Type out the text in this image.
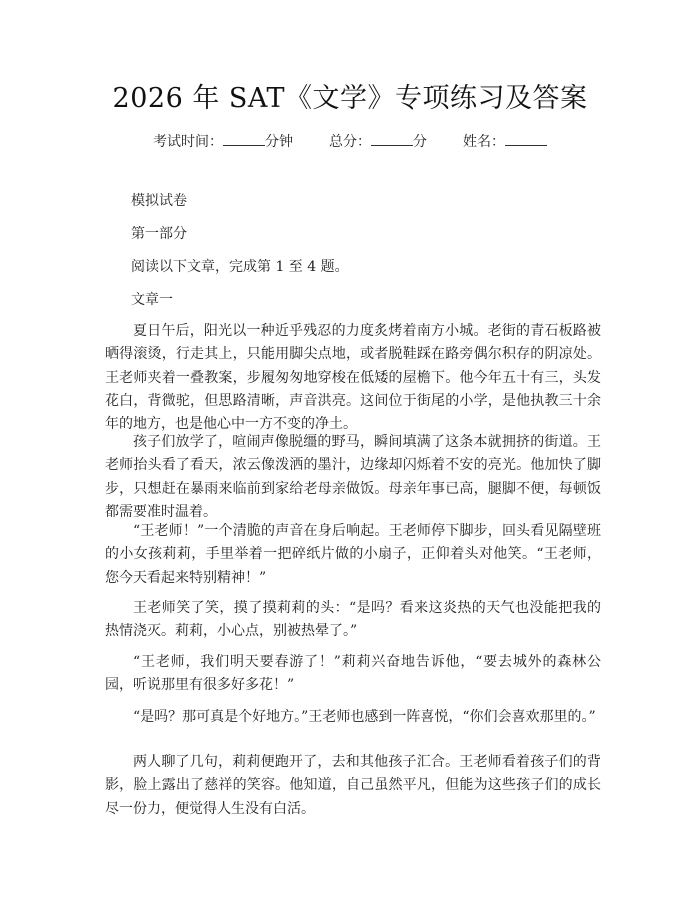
2026 年 SAT《文学》专项练习及答案
考试时间：	分钟	总分：	分	姓名：
模拟试卷
第一部分
阅读以下文章，完成第 1 至 4 题。
文章一

夏日午后，阳光以一种近乎残忍的力度炙烤着南方小城。老街的青石板路被晒得滚烫，行走其上，只能用脚尖点地，或者脱鞋踩在路旁偶尔积存的阴凉处。王老师夹着一叠教案，步履匆匆地穿梭在低矮的屋檐下。他今年五十有三，头发花白，背微驼，但思路清晰，声音洪亮。这间位于街尾的小学，是他执教三十余年的地方，也是他心中一方不变的净土。

孩子们放学了，喧闹声像脱缰的野马，瞬间填满了这条本就拥挤的街道。王老师抬头看了看天，浓云像泼洒的墨汁，边缘却闪烁着不安的亮光。他加快了脚步，只想赶在暴雨来临前到家给老母亲做饭。母亲年事已高，腿脚不便，每顿饭都需要准时温着。

“王老师！”一个清脆的声音在身后响起。王老师停下脚步，回头看见隔壁班的小女孩莉莉，手里举着一把碎纸片做的小扇子，正仰着头对他笑。“王老师，您今天看起来特别精神！”

王老师笑了笑，摸了摸莉莉的头：“是吗？看来这炎热的天气也没能把我的热情浇灭。莉莉，小心点，别被热晕了。”

“王老师，我们明天要春游了！”莉莉兴奋地告诉他，“要去城外的森林公园，听说那里有很多好多花！”

“是吗？那可真是个好地方。”王老师也感到一阵喜悦，“你们会喜欢那里的。”

两人聊了几句，莉莉便跑开了，去和其他孩子汇合。王老师看着孩子们的背影，脸上露出了慈祥的笑容。他知道，自己虽然平凡，但能为这些孩子们的成长尽一份力，便觉得人生没有白活。
